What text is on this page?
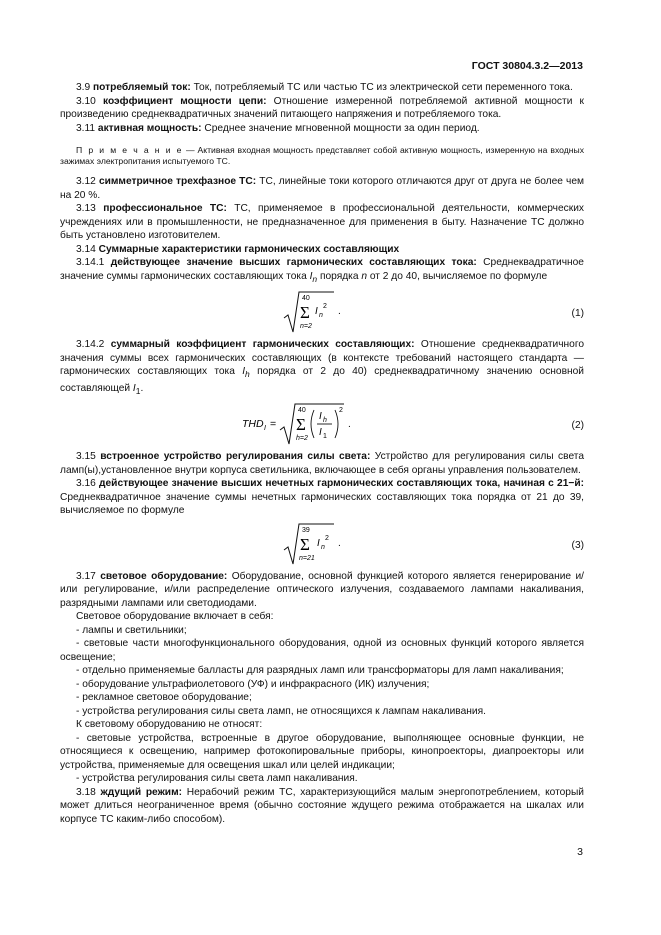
ГОСТ 30804.3.2—2013

3.9 потребляемый ток: Ток, потребляемый ТС или частью ТС из электрической сети переменного тока.

3.10 коэффициент мощности цепи: Отношение измеренной потребляемой активной мощности к произведению среднеквадратичных значений питающего напряжения и потребляемого тока.

3.11 активная мощность: Среднее значение мгновенной мощности за один период.

П р и м е ч а н и е — Активная входная мощность представляет собой активную мощность, измеренную на входных зажимах электропитания испытуемого ТС.

3.12 симметричное трехфазное ТС: ТС, линейные токи которого отличаются друг от друга не более чем на 20 %.

3.13 профессиональное ТС: ТС, применяемое в профессиональной деятельности, коммерческих учреждениях или в промышленности, не предназначенное для применения в быту. Назначение ТС должно быть установлено изготовителем.

3.14 Суммарные характеристики гармонических составляющих

3.14.1 действующее значение высших гармонических составляющих тока: Среднеквадратичное значение суммы гармонических составляющих тока $I_n$ порядка n от 2 до 40, вычисляемое по формуле

40
Σ
n=2
I n
2 .	(1)

3.14.2 суммарный коэффициент гармонических составляющих: Отношение среднеквадратичного значения суммы всех гармонических составляющих (в контексте требований настоящего стандарта — гармонических составляющих тока $I_h$ порядка от 2 до 40) среднеквадратичному значению основной составляющей $I_1$.

THD I =
40
Σ
h=2
I h
I 1
2
.	(2)

3.15 встроенное устройство регулирования силы света: Устройство для регулирования силы света ламп(ы),установленное внутри корпуса светильника, включающее в себя органы управления пользователем.

3.16 действующее значение высших нечетных гармонических составляющих тока, начиная с 21−й: Среднеквадратичное значение суммы нечетных гармонических составляющих тока порядка от 21 до 39, вычисляемое по формуле

39
Σ
n=21
I n
2 .	(3)

3.17 световое оборудование: Оборудование, основной функцией которого является генерирование и/или регулирование, и/или распределение оптического излучения, создаваемого лампами накаливания, разрядными лампами или светодиодами.

Световое оборудование включает в себя:

- лампы и светильники;

- световые части многофункционального оборудования, одной из основных функций которого является освещение;

- отдельно применяемые балласты для разрядных ламп или трансформаторы для ламп накаливания;

- оборудование ультрафиолетового (УФ) и инфракрасного (ИК) излучения;

- рекламное световое оборудование;

- устройства регулирования силы света ламп, не относящихся к лампам накаливания.

К световому оборудованию не относят:

- световые устройства, встроенные в другое оборудование, выполняющее основные функции, не относящиеся к освещению, например фотокопировальные приборы, кинопроекторы, диапроекторы или устройства, применяемые для освещения шкал или целей индикации;

- устройства регулирования силы света ламп накаливания.

3.18 ждущий режим: Нерабочий режим ТС, характеризующийся малым энергопотреблением, который может длиться неограниченное время (обычно состояние ждущего режима отображается на шкалах или корпусе ТС каким-либо способом).

3
